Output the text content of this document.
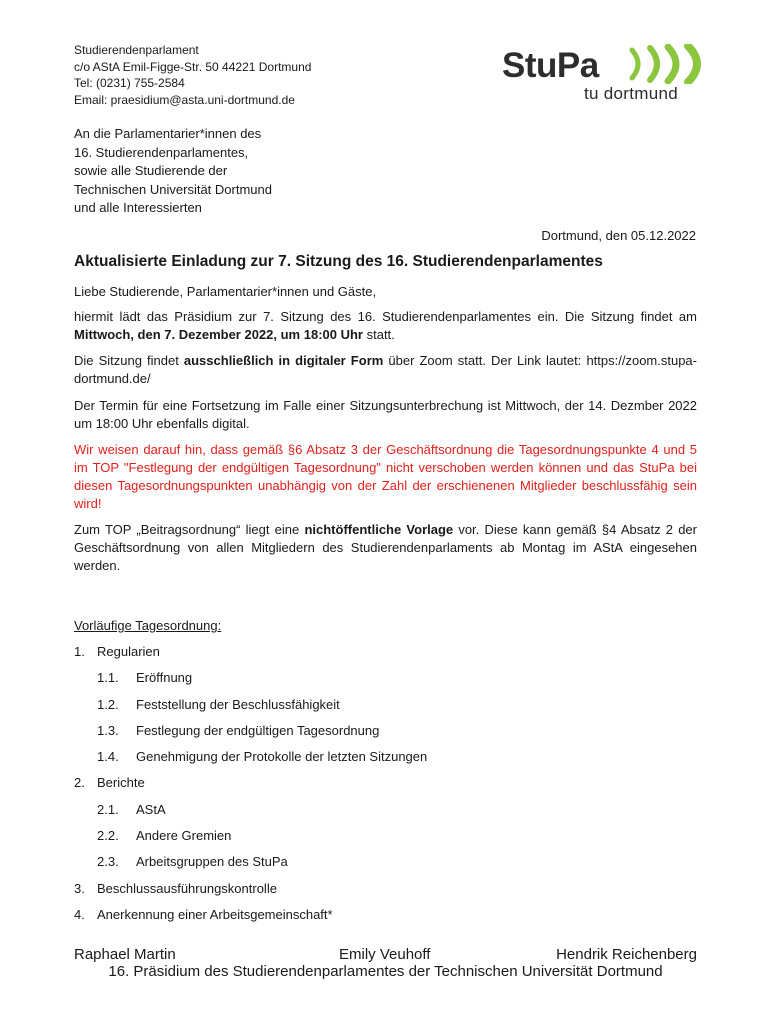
Studierendenparlament
c/o AStA Emil-Figge-Str. 50 44221 Dortmund
Tel: (0231) 755-2584
Email: praesidium@asta.uni-dortmund.de
StuPa
tu dortmund
An die Parlamentarier*innen des
16. Studierendenparlamentes,
sowie alle Studierende der
Technischen Universität Dortmund
und alle Interessierten
Dortmund, den 05.12.2022
Aktualisierte Einladung zur 7. Sitzung des 16. Studierendenparlamentes
Liebe Studierende, Parlamentarier*innen und Gäste,
hiermit lädt das Präsidium zur 7. Sitzung des 16. Studierendenparlamentes ein. Die Sitzung findet am Mittwoch, den 7. Dezember 2022, um 18:00 Uhr statt.
Die Sitzung findet ausschließlich in digitaler Form über Zoom statt. Der Link lautet: https://zoom.stupa-dortmund.de/
Der Termin für eine Fortsetzung im Falle einer Sitzungsunterbrechung ist Mittwoch, der 14. Dezmber 2022 um 18:00 Uhr ebenfalls digital.
Wir weisen darauf hin, dass gemäß §6 Absatz 3 der Geschäftsordnung die Tagesordnungspunkte 4 und 5 im TOP "Festlegung der endgültigen Tagesordnung" nicht verschoben werden können und das StuPa bei diesen Tagesordnungspunkten unabhängig von der Zahl der erschienenen Mitglieder beschlussfähig sein wird!
Zum TOP „Beitragsordnung“ liegt eine nichtöffentliche Vorlage vor. Diese kann gemäß §4 Absatz 2 der Geschäftsordnung von allen Mitgliedern des Studierendenparlaments ab Montag im AStA eingesehen werden.
Vorläufige Tagesordnung:
1. Regularien
1.1. Eröffnung
1.2. Feststellung der Beschlussfähigkeit
1.3. Festlegung der endgültigen Tagesordnung
1.4. Genehmigung der Protokolle der letzten Sitzungen
2. Berichte
2.1. AStA
2.2. Andere Gremien
2.3. Arbeitsgruppen des StuPa
3. Beschlussausführungskontrolle
4. Anerkennung einer Arbeitsgemeinschaft*
Raphael Martin	Emily Veuhoff	Hendrik Reichenberg
16. Präsidium des Studierendenparlamentes der Technischen Universität Dortmund
